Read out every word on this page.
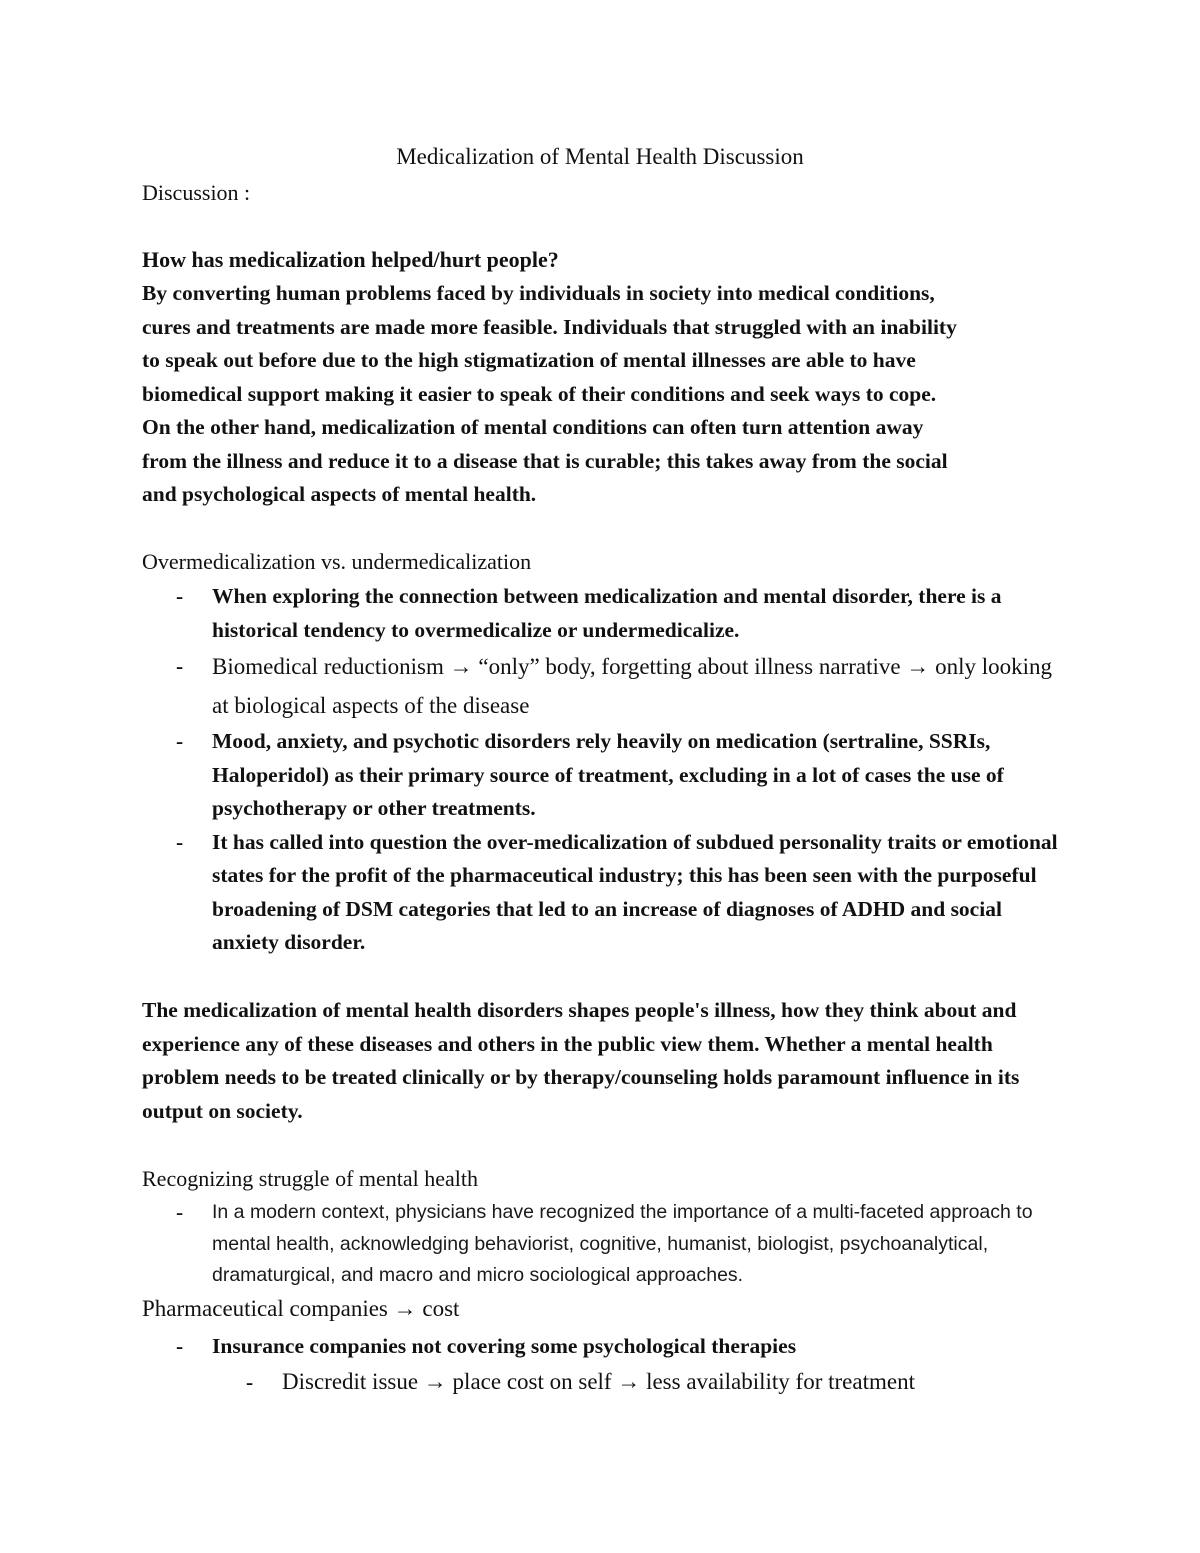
Medicalization of Mental Health Discussion
Discussion :
How has medicalization helped/hurt people?
By converting human problems faced by individuals in society into medical conditions,
cures and treatments are made more feasible. Individuals that struggled with an inability
to speak out before due to the high stigmatization of mental illnesses are able to have
biomedical support making it easier to speak of their conditions and seek ways to cope.
On the other hand, medicalization of mental conditions can often turn attention away
from the illness and reduce it to a disease that is curable; this takes away from the social
and psychological aspects of mental health.
Overmedicalization vs. undermedicalization
- When exploring the connection between medicalization and mental disorder, there is a historical tendency to overmedicalize or undermedicalize.
- Biomedical reductionism → “only” body, forgetting about illness narrative → only looking at biological aspects of the disease
- Mood, anxiety, and psychotic disorders rely heavily on medication (sertraline, SSRIs, Haloperidol) as their primary source of treatment, excluding in a lot of cases the use of psychotherapy or other treatments.
- It has called into question the over-medicalization of subdued personality traits or emotional states for the profit of the pharmaceutical industry; this has been seen with the purposeful broadening of DSM categories that led to an increase of diagnoses of ADHD and social anxiety disorder.
The medicalization of mental health disorders shapes people's illness, how they think about and experience any of these diseases and others in the public view them. Whether a mental health problem needs to be treated clinically or by therapy/counseling holds paramount influence in its output on society.
Recognizing struggle of mental health
- In a modern context, physicians have recognized the importance of a multi-faceted approach to mental health, acknowledging behaviorist, cognitive, humanist, biologist, psychoanalytical, dramaturgical, and macro and micro sociological approaches.
Pharmaceutical companies → cost
- Insurance companies not covering some psychological therapies
- Discredit issue → place cost on self → less availability for treatment
